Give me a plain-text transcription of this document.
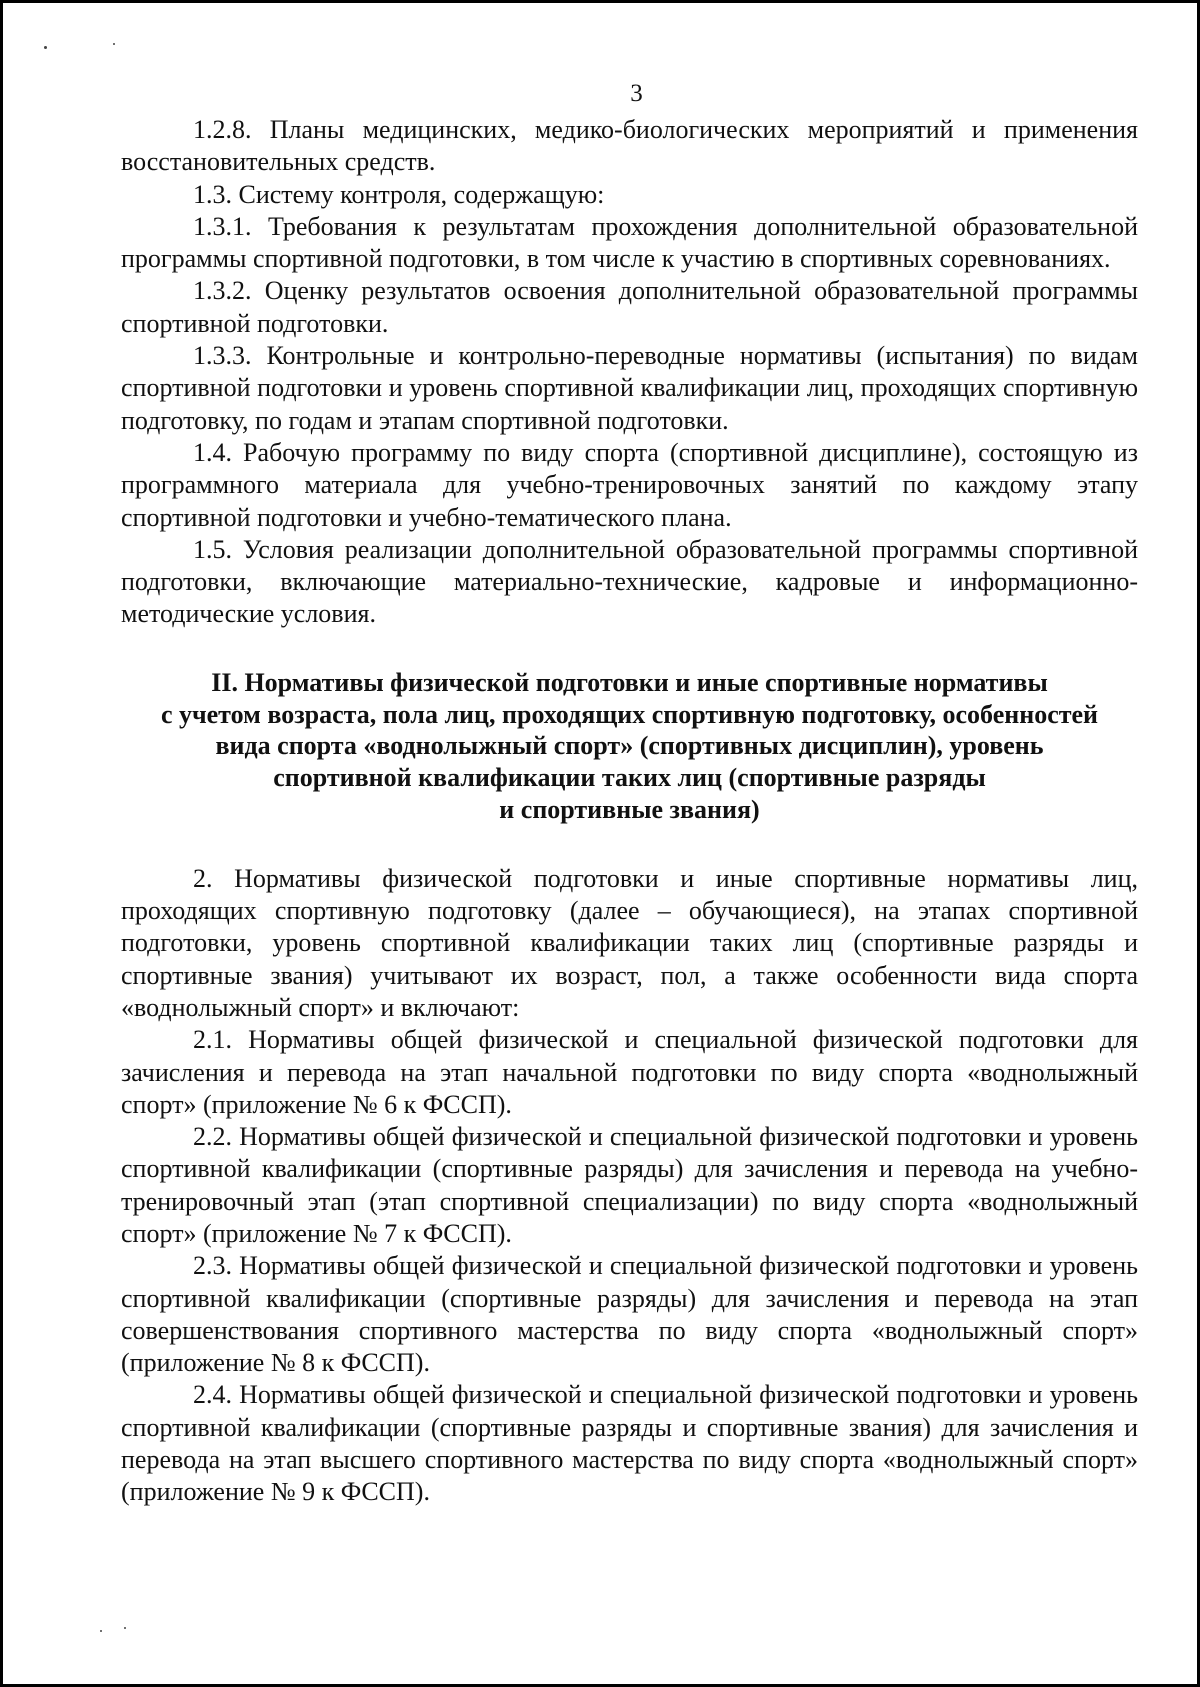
3

1.2.8. Планы медицинских, медико-биологических мероприятий и применения восстановительных средств.

1.3. Систему контроля, содержащую:

1.3.1. Требования к результатам прохождения дополнительной образовательной программы спортивной подготовки, в том числе к участию в спортивных соревнованиях.

1.3.2. Оценку результатов освоения дополнительной образовательной программы спортивной подготовки.

1.3.3. Контрольные и контрольно-переводные нормативы (испытания) по видам спортивной подготовки и уровень спортивной квалификации лиц, проходящих спортивную подготовку, по годам и этапам спортивной подготовки.

1.4. Рабочую программу по виду спорта (спортивной дисциплине), состоящую из программного материала для учебно-тренировочных занятий по каждому этапу спортивной подготовки и учебно-тематического плана.

1.5. Условия реализации дополнительной образовательной программы спортивной подготовки, включающие материально-технические, кадровые и информационно-методические условия.

II. Нормативы физической подготовки и иные спортивные нормативы
с учетом возраста, пола лиц, проходящих спортивную подготовку, особенностей
вида спорта «воднолыжный спорт» (спортивных дисциплин), уровень
спортивной квалификации таких лиц (спортивные разряды
и спортивные звания)

2. Нормативы физической подготовки и иные спортивные нормативы лиц, проходящих спортивную подготовку (далее – обучающиеся), на этапах спортивной подготовки, уровень спортивной квалификации таких лиц (спортивные разряды и спортивные звания) учитывают их возраст, пол, а также особенности вида спорта «воднолыжный спорт» и включают:

2.1. Нормативы общей физической и специальной физической подготовки для зачисления и перевода на этап начальной подготовки по виду спорта «воднолыжный спорт» (приложение № 6 к ФССП).

2.2. Нормативы общей физической и специальной физической подготовки и уровень спортивной квалификации (спортивные разряды) для зачисления и перевода на учебно-тренировочный этап (этап спортивной специализации) по виду спорта «воднолыжный спорт» (приложение № 7 к ФССП).

2.3. Нормативы общей физической и специальной физической подготовки и уровень спортивной квалификации (спортивные разряды) для зачисления и перевода на этап совершенствования спортивного мастерства по виду спорта «воднолыжный спорт» (приложение № 8 к ФССП).

2.4. Нормативы общей физической и специальной физической подготовки и уровень спортивной квалификации (спортивные разряды и спортивные звания) для зачисления и перевода на этап высшего спортивного мастерства по виду спорта «воднолыжный спорт» (приложение № 9 к ФССП).
